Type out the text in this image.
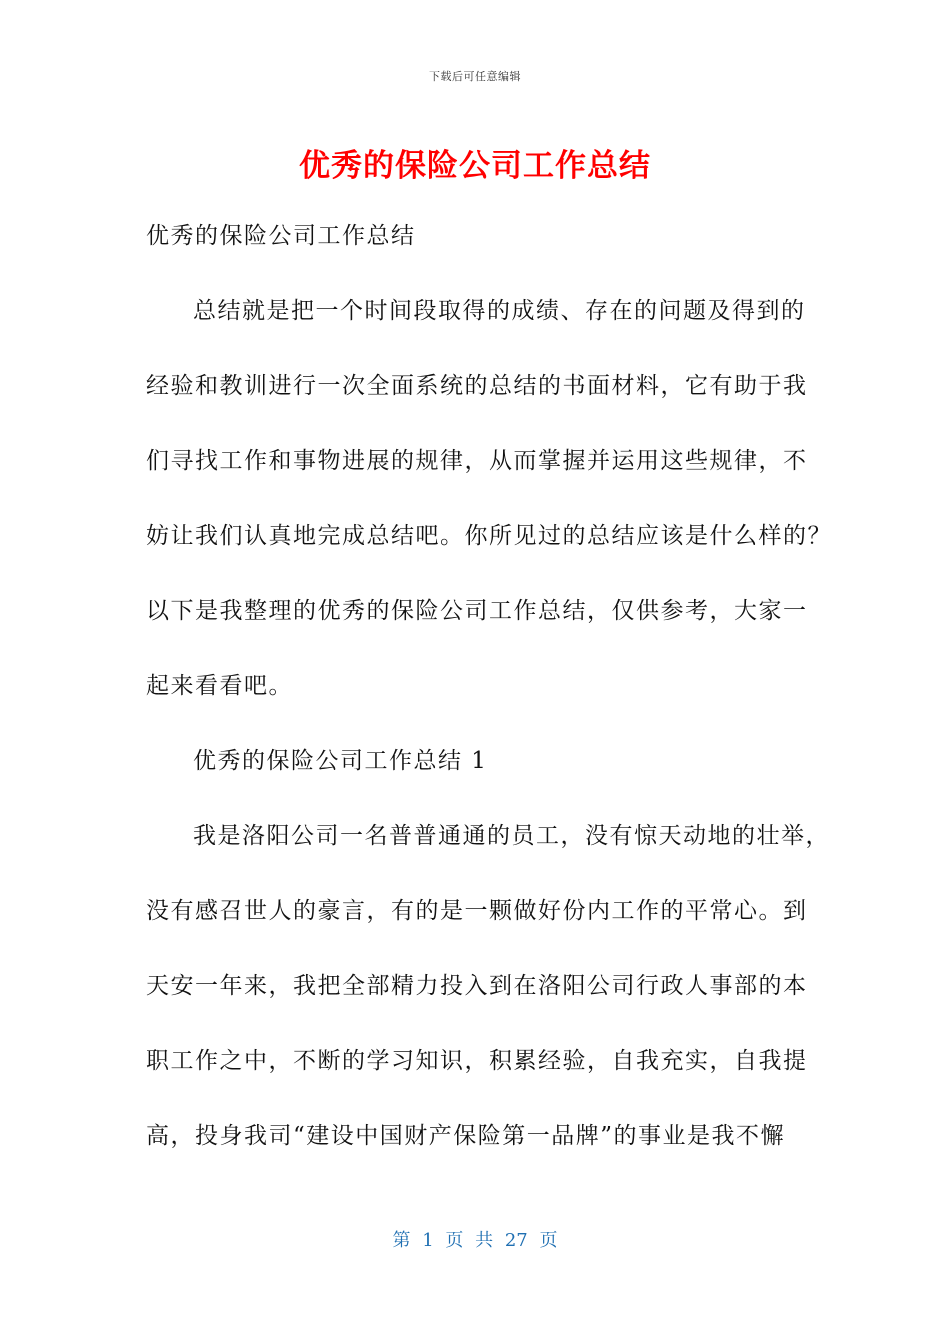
下载后可任意编辑
优秀的保险公司工作总结
优秀的保险公司工作总结
总结就是把一个时间段取得的成绩、存在的问题及得到的
经验和教训进行一次全面系统的总结的书面材料，它有助于我
们寻找工作和事物进展的规律，从而掌握并运用这些规律，不
妨让我们认真地完成总结吧。你所见过的总结应该是什么样的？
以下是我整理的优秀的保险公司工作总结，仅供参考，大家一
起来看看吧。
优秀的保险公司工作总结 1
我是洛阳公司一名普普通通的员工，没有惊天动地的壮举，
没有感召世人的豪言，有的是一颗做好份内工作的平常心。到
天安一年来，我把全部精力投入到在洛阳公司行政人事部的本
职工作之中，不断的学习知识，积累经验，自我充实，自我提
高，投身我司“建设中国财产保险第一品牌”的事业是我不懈
第 1 页 共 27 页
